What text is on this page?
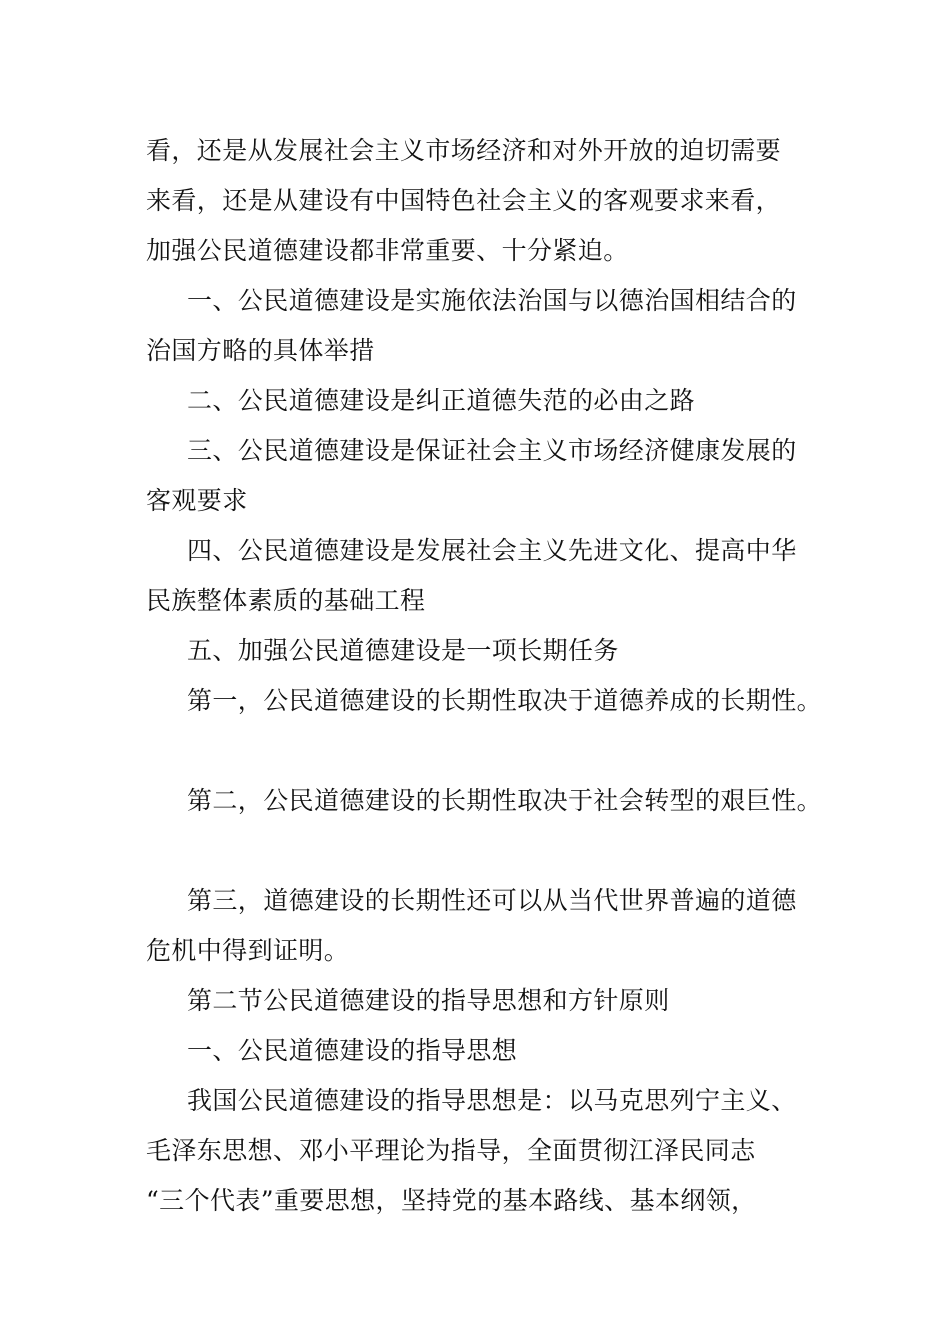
看，还是从发展社会主义市场经济和对外开放的迫切需要
来看，还是从建设有中国特色社会主义的客观要求来看，
加强公民道德建设都非常重要、十分紧迫。
一、公民道德建设是实施依法治国与以德治国相结合的
治国方略的具体举措
二、公民道德建设是纠正道德失范的必由之路
三、公民道德建设是保证社会主义市场经济健康发展的
客观要求
四、公民道德建设是发展社会主义先进文化、提高中华
民族整体素质的基础工程
五、加强公民道德建设是一项长期任务
第一，公民道德建设的长期性取决于道德养成的长期性。
第二，公民道德建设的长期性取决于社会转型的艰巨性。
第三，道德建设的长期性还可以从当代世界普遍的道德
危机中得到证明。
第二节公民道德建设的指导思想和方针原则
一、公民道德建设的指导思想
我国公民道德建设的指导思想是：以马克思列宁主义、
毛泽东思想、邓小平理论为指导，全面贯彻江泽民同志
“三个代表”重要思想，坚持党的基本路线、基本纲领，
